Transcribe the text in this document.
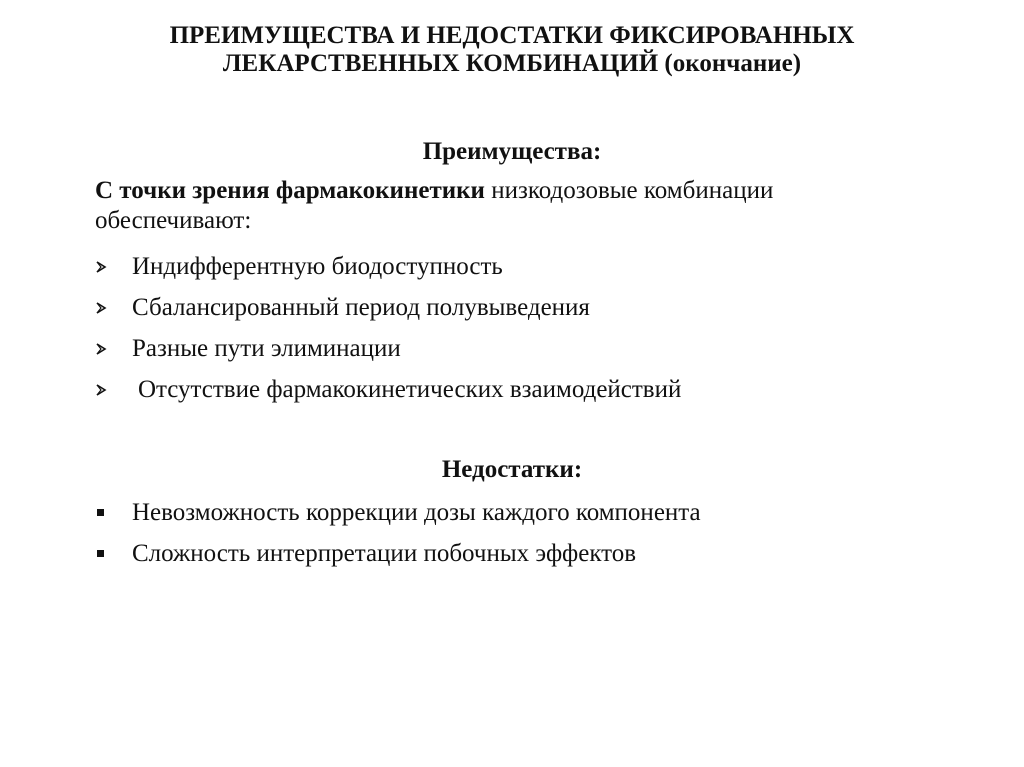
ПРЕИМУЩЕСТВА И НЕДОСТАТКИ ФИКСИРОВАННЫХ
ЛЕКАРСТВЕННЫХ КОМБИНАЦИЙ (окончание)
Преимущества:
С точки зрения фармакокинетики низкодозовые комбинации обеспечивают:
Индифферентную биодоступность
Сбалансированный период полувыведения
Разные пути элиминации
Отсутствие фармакокинетических взаимодействий
Недостатки:
Невозможность коррекции дозы каждого компонента
Сложность интерпретации побочных эффектов
